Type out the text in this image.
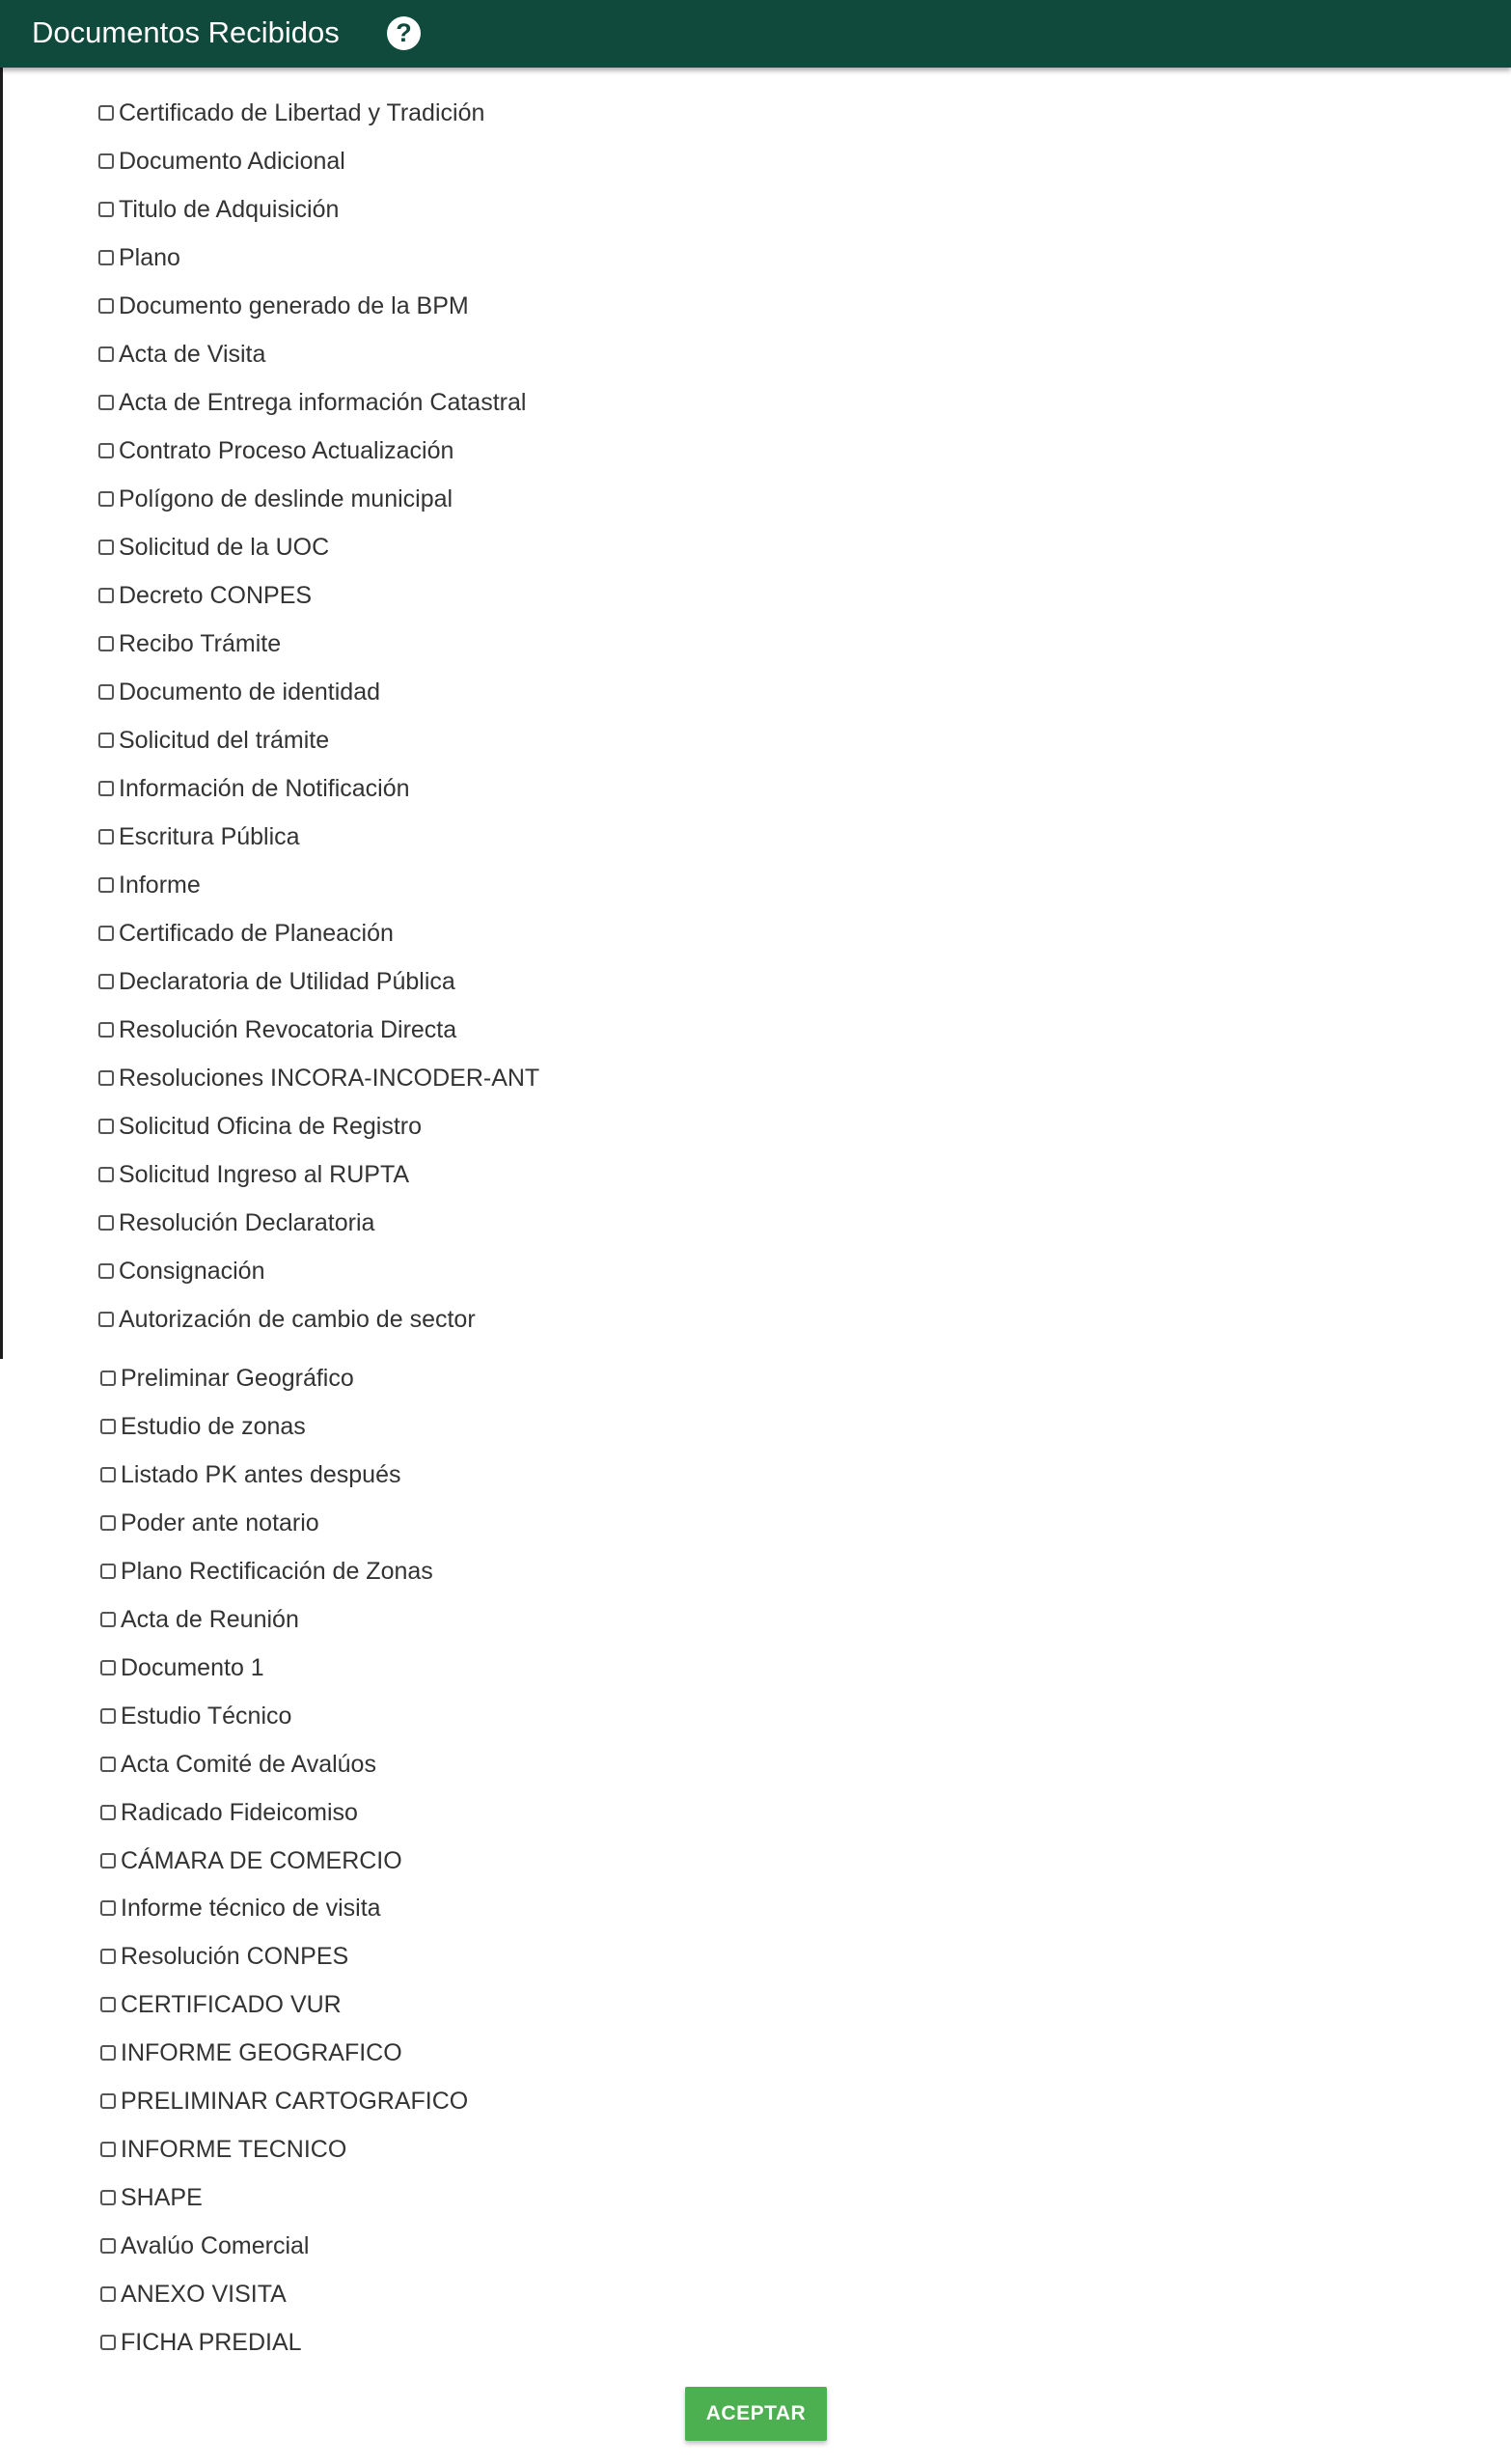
Documentos Recibidos	?
Certificado de Libertad y Tradición
Documento Adicional
Titulo de Adquisición
Plano
Documento generado de la BPM
Acta de Visita
Acta de Entrega información Catastral
Contrato Proceso Actualización
Polígono de deslinde municipal
Solicitud de la UOC
Decreto CONPES
Recibo Trámite
Documento de identidad
Solicitud del trámite
Información de Notificación
Escritura Pública
Informe
Certificado de Planeación
Declaratoria de Utilidad Pública
Resolución Revocatoria Directa
Resoluciones INCORA-INCODER-ANT
Solicitud Oficina de Registro
Solicitud Ingreso al RUPTA
Resolución Declaratoria
Consignación
Autorización de cambio de sector
Preliminar Geográfico
Estudio de zonas
Listado PK antes después
Poder ante notario
Plano Rectificación de Zonas
Acta de Reunión
Documento 1
Estudio Técnico
Acta Comité de Avalúos
Radicado Fideicomiso
CÁMARA DE COMERCIO
Informe técnico de visita
Resolución CONPES
CERTIFICADO VUR
INFORME GEOGRAFICO
PRELIMINAR CARTOGRAFICO
INFORME TECNICO
SHAPE
Avalúo Comercial
ANEXO VISITA
FICHA PREDIAL
ACEPTAR
